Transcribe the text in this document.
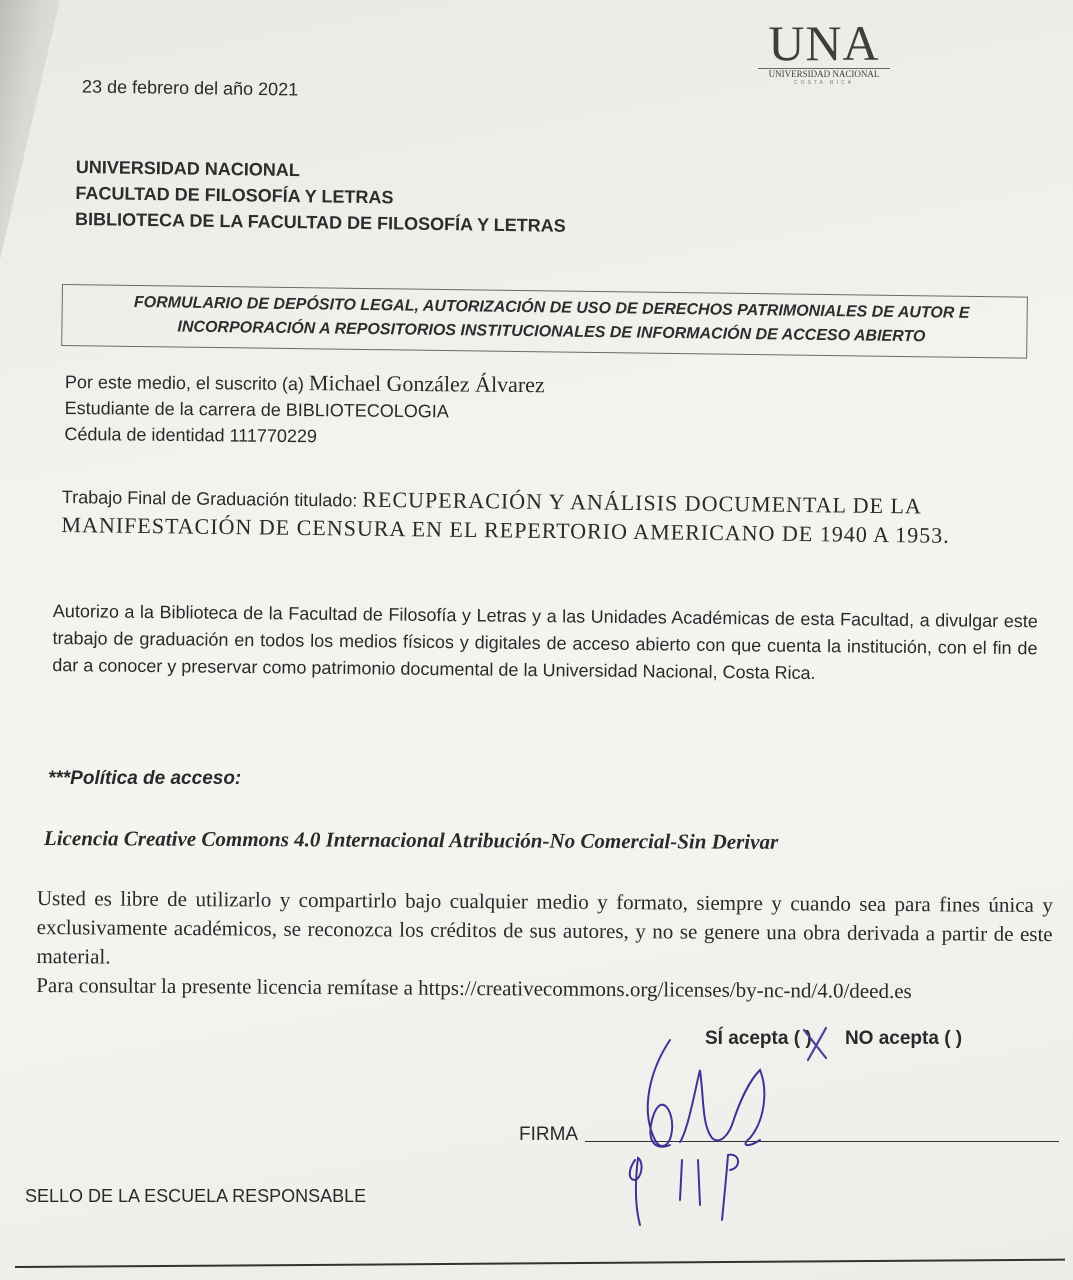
UNA
UNIVERSIDAD NACIONAL
COSTA RICA
23 de febrero del año 2021
UNIVERSIDAD NACIONAL
FACULTAD DE FILOSOFÍA Y LETRAS
BIBLIOTECA DE LA FACULTAD DE FILOSOFÍA Y LETRAS
FORMULARIO DE DEPÓSITO LEGAL, AUTORIZACIÓN DE USO DE DERECHOS PATRIMONIALES DE AUTOR E
INCORPORACIÓN A REPOSITORIOS INSTITUCIONALES DE INFORMACIÓN DE ACCESO ABIERTO
Por este medio, el suscrito (a) Michael González Álvarez
Estudiante de la carrera de BIBLIOTECOLOGIA
Cédula de identidad 111770229
Trabajo Final de Graduación titulado: RECUPERACIÓN Y ANÁLISIS DOCUMENTAL DE LA MANIFESTACIÓN DE CENSURA EN EL REPERTORIO AMERICANO DE 1940 A 1953.
Autorizo a la Biblioteca de la Facultad de Filosofía y Letras y a las Unidades Académicas de esta Facultad, a divulgar este trabajo de graduación en todos los medios físicos y digitales de acceso abierto con que cuenta la institución, con el fin de dar a conocer y preservar como patrimonio documental de la Universidad Nacional, Costa Rica.
***Política de acceso:
Licencia Creative Commons 4.0 Internacional Atribución-No Comercial-Sin Derivar
Usted es libre de utilizarlo y compartirlo bajo cualquier medio y formato, siempre y cuando sea para fines única y exclusivamente académicos, se reconozca los créditos de sus autores, y no se genere una obra derivada a partir de este material.
Para consultar la presente licencia remítase a https://creativecommons.org/licenses/by-nc-nd/4.0/deed.es
SÍ acepta ( ) NO acepta ( )
FIRMA
SELLO DE LA ESCUELA RESPONSABLE
